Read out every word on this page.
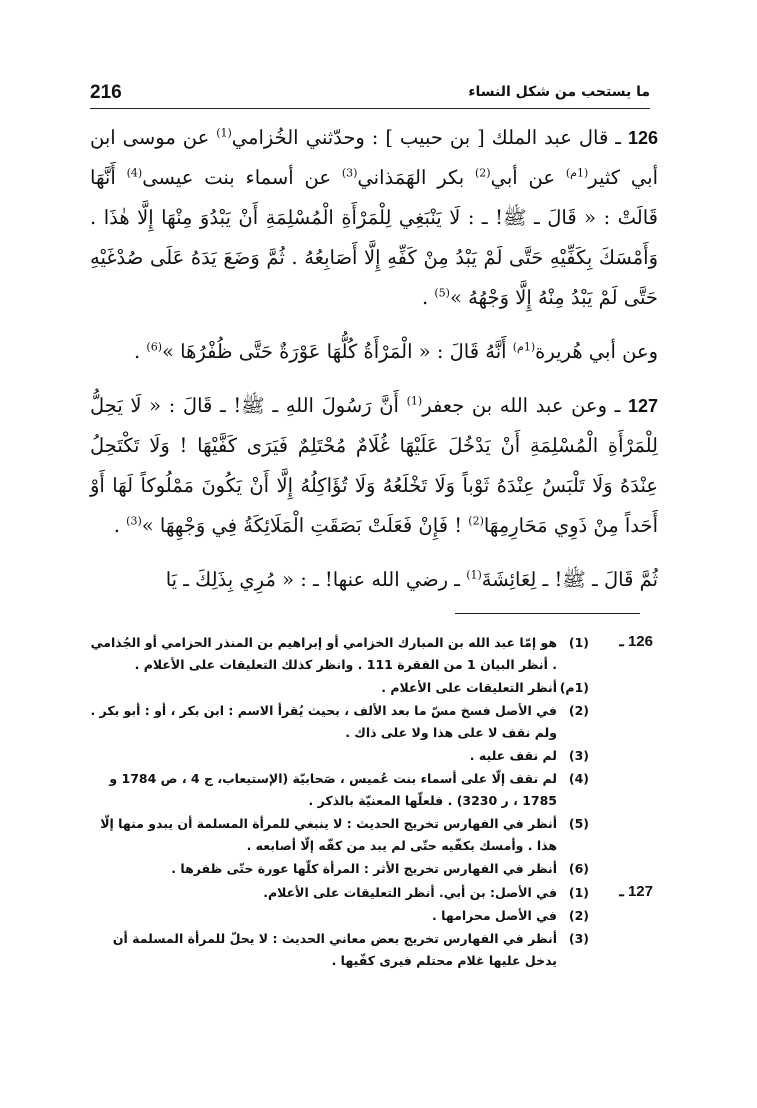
216	ما يستحب من شكل النساء

126 ـ قال عبد الملك [ بن حبيب ] : وحدّثني الخُزامي$^{(1)}$ عن موسى ابن أبي كثير$^{(1م)}$ عن أبي$^{(2)}$ بكر الهَمَذاني$^{(3)}$ عن أسماء بنت عيسى$^{(4)}$ أَنَّهَا قَالَتْ : « قَالَ ـ ﷺ! ـ : لَا يَنْبَغِي لِلْمَرْأَةِ الْمُسْلِمَةِ أَنْ يَبْدُوَ مِنْهَا إِلَّا هٰذَا . وَأَمْسَكَ بِكَفِّيْهِ حَتَّى لَمْ يَبْدُ مِنْ كَفِّهِ إِلَّا أَصَابِعُهُ . ثُمَّ وَضَعَ يَدَهُ عَلَى صُدْغَيْهِ حَتَّى لَمْ يَبْدُ مِنْهُ إِلَّا وَجْهُهُ »$^{(5)}$ .

وعن أبي هُريرة$^{(1م)}$ أَنَّهُ قَالَ : « الْمَرْأَةُ كُلُّهَا عَوْرَةٌ حَتَّى ظُفْرُهَا »$^{(6)}$ .

127 ـ وعن عبد الله بن جعفر$^{(1)}$ أَنَّ رَسُولَ اللهِ ـ ﷺ! ـ قَالَ : « لَا يَحِلُّ لِلْمَرْأَةِ الْمُسْلِمَةِ أَنْ يَدْخُلَ عَلَيْهَا غُلَامٌ مُحْتَلِمٌ فَيَرَى كَفَّيْهَا ! وَلَا تَكْتَحِلُ عِنْدَهُ وَلَا تَلْبَسُ عِنْدَهُ ثَوْباً وَلَا تَخْلَعُهُ وَلَا تُؤَاكِلُهُ إِلَّا أَنْ يَكُونَ مَمْلُوكاً لَهَا أَوْ أَحَداً مِنْ ذَوِي مَحَارِمِهَا$^{(2)}$ ! فَإِنْ فَعَلَتْ بَصَقَتِ الْمَلَائِكَةُ فِي وَجْهِهَا »$^{(3)}$ .

ثُمَّ قَالَ ـ ﷺ! ـ لِعَائِشَةَ$^{(1)}$ ـ رضي الله عنها! ـ : « مُرِي بِذَلِكَ ـ يَا

126 ـ
(1)
هو إمّا عبد الله بن المبارك الخزامي أو إبراهيم بن المنذر الحزامي أو الجُذامي . أنظر البيان 1 من الفقرة 111 . وانظر كذلك التعليقات على الأعلام .
(1م)
أنظر التعليقات على الأعلام .
(2)
في الأصل فسخ مسّ ما بعد الألف ، بحيث يُقرأ الاسم : ابن بكر ، أو : أبو بكر . ولم نقف لا على هذا ولا على ذاك .
(3)
لم نقف عليه .
(4)
لم نقف إلّا على أسماء بنت عُميس ، صَحابيّة (الإستيعاب، ج 4 ، ص 1784 و 1785 ، ر 3230) . فلعلّها المعنيّة بالذكر .
(5)
أنظر في الفهارس تخريج الحديث : لا ينبغي للمرأة المسلمة أن يبدو منها إلّا هذا . وأمسك بكفّيه حتّى لم يبد من كفّه إلّا أصابعه .
(6)
أنظر في الفهارس تخريج الأثر : المرأة كلّها عورة حتّى ظفرها .
127 ـ
(1)
في الأصل: بن أبي. أنظر التعليقات على الأعلام.
(2)
في الأصل محرامها .
(3)
أنظر في الفهارس تخريج بعض معاني الحديث : لا يحلّ للمرأة المسلمة أن يدخل عليها غلام محتلم فيرى كفّيها .
